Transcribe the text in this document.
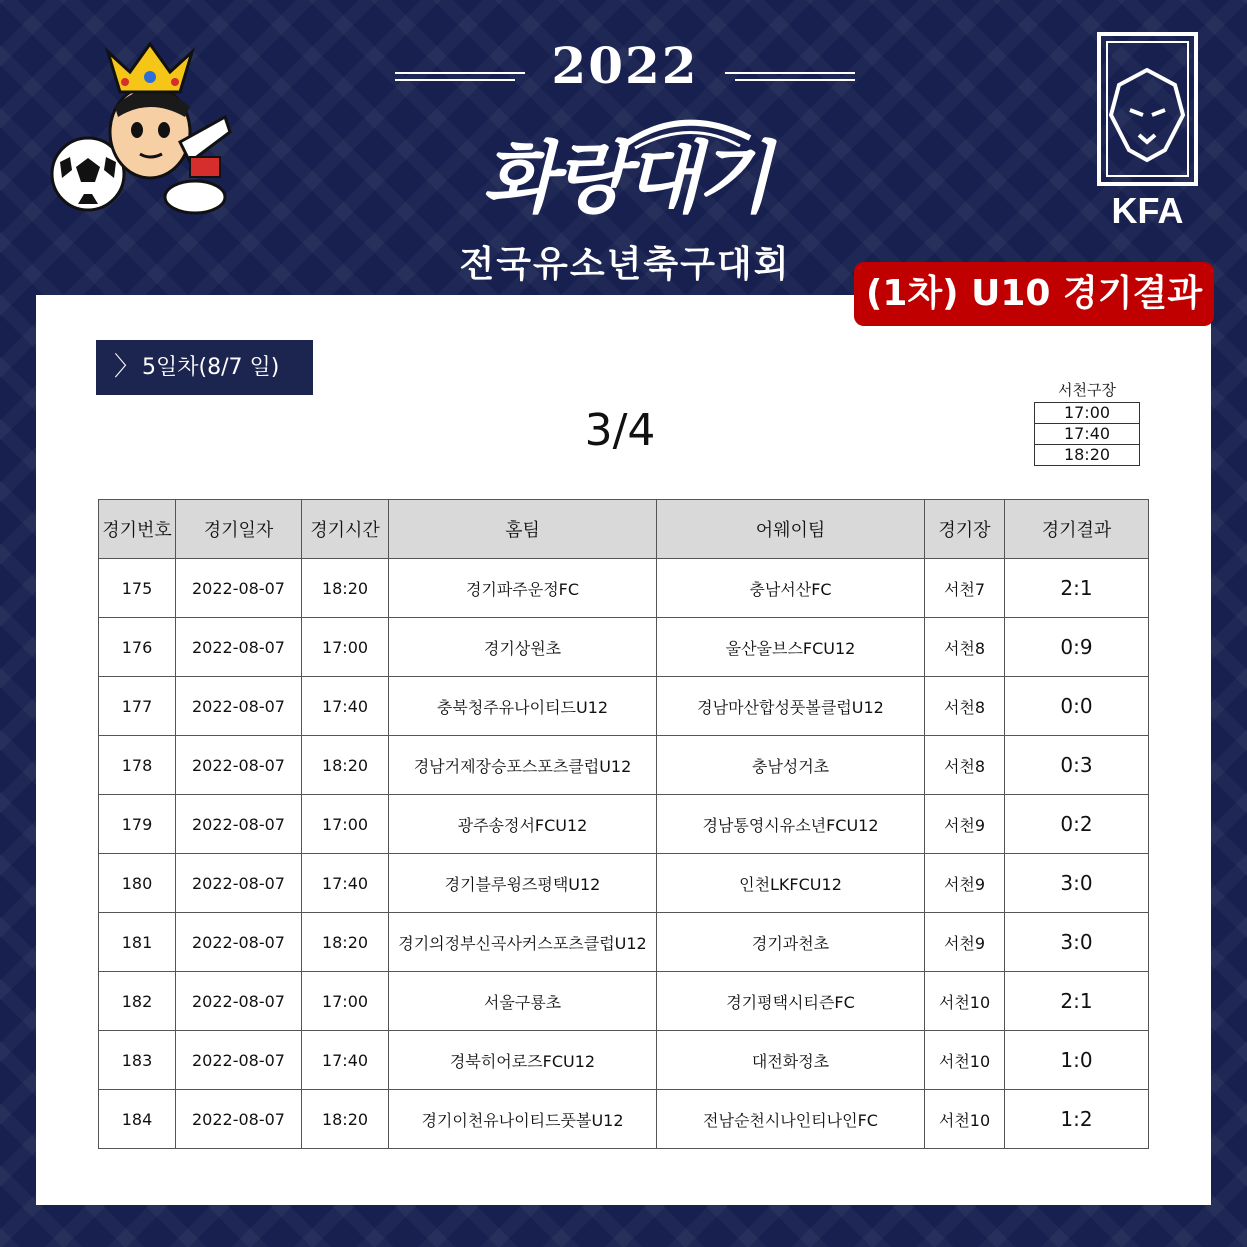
2022
화랑대기
전국유소년축구대회
KFA
(1차) U10 경기결과
〉 5일차(8/7 일)
3/4
서천구장
17:00
17:40
18:20
경기번호	경기일자	경기시간	홈팀	어웨이팀	경기장	경기결과
175	2022-08-07	18:20	경기파주운정FC	충남서산FC	서천7	2:1
176	2022-08-07	17:00	경기상원초	울산울브스FCU12	서천8	0:9
177	2022-08-07	17:40	충북청주유나이티드U12	경남마산합성풋볼클럽U12	서천8	0:0
178	2022-08-07	18:20	경남거제장승포스포츠클럽U12	충남성거초	서천8	0:3
179	2022-08-07	17:00	광주송정서FCU12	경남통영시유소년FCU12	서천9	0:2
180	2022-08-07	17:40	경기블루윙즈평택U12	인천LKFCU12	서천9	3:0
181	2022-08-07	18:20	경기의정부신곡사커스포츠클럽U12	경기과천초	서천9	3:0
182	2022-08-07	17:00	서울구룡초	경기평택시티즌FC	서천10	2:1
183	2022-08-07	17:40	경북히어로즈FCU12	대전화정초	서천10	1:0
184	2022-08-07	18:20	경기이천유나이티드풋볼U12	전남순천시나인티나인FC	서천10	1:2
